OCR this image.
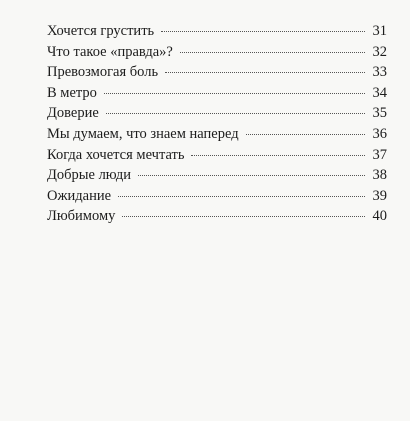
Хочется грустить	31
Что такое «правда»?	32
Превозмогая боль	33
В метро	34
Доверие	35
Мы думаем, что знаем наперед	36
Когда хочется мечтать	37
Добрые люди	38
Ожидание	39
Любимому	40
